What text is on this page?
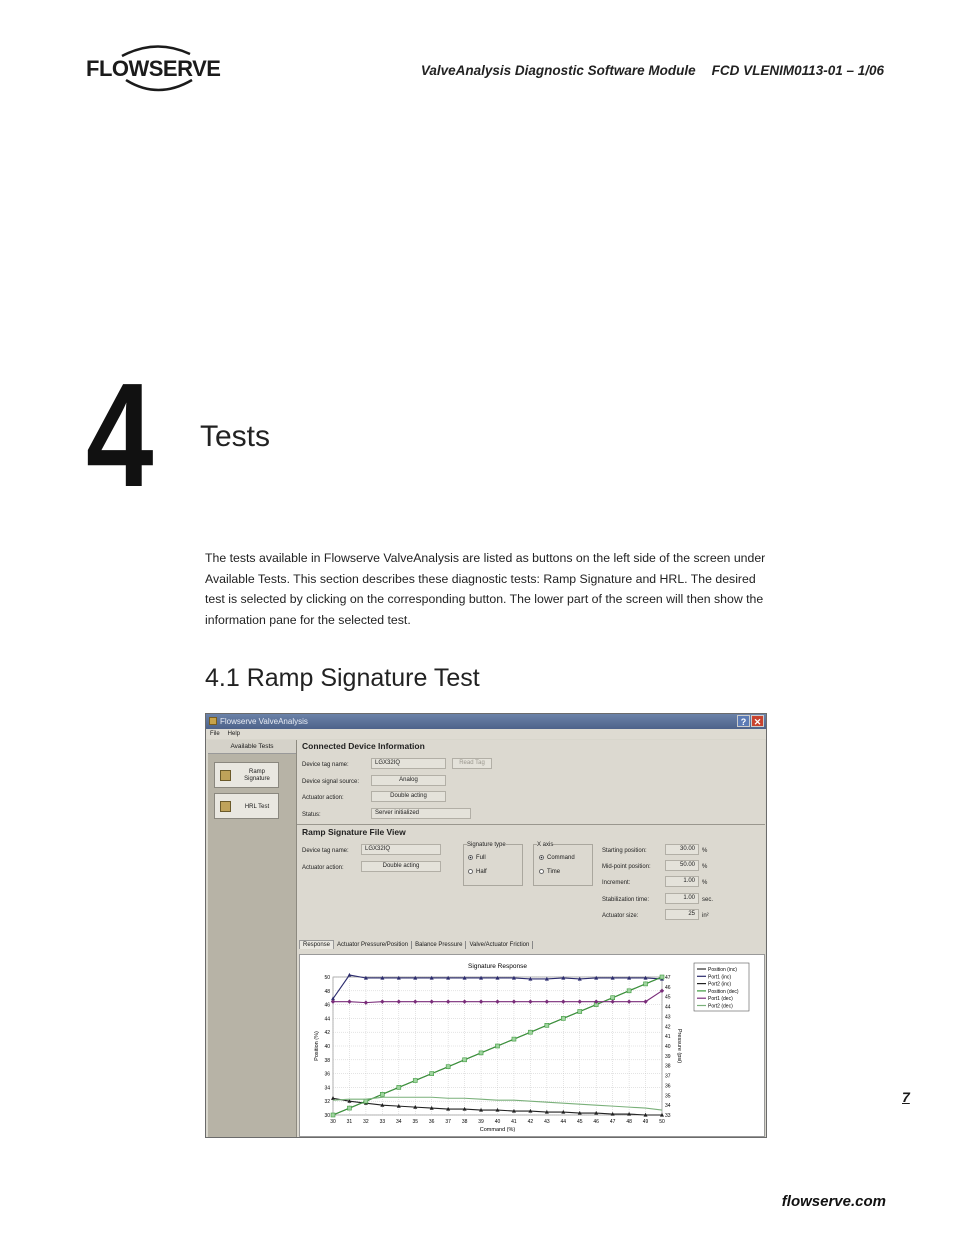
FLOWSERVE	ValveAnalysis Diagnostic Software Module FCD VLENIM0113-01 – 1/06
4 Tests
The tests available in Flowserve ValveAnalysis are listed as buttons on the left side of the screen under Available Tests. This section describes these diagnostic tests: Ramp Signature and HRL. The desired test is selected by clicking on the corresponding button. The lower part of the screen will then show the information pane for the selected test.
4.1 Ramp Signature Test
Flowserve ValveAnalysis	? ✕
File Help
Available Tests
Ramp Signature
HRL Test
Connected Device Information
Device tag name:	LGX32IQ	Read Tag
Device signal source:	Analog
Actuator action:	Double acting
Status:	Server initialized
Ramp Signature File View
Device tag name:	LGX32IQ
Actuator action:	Double acting
Signature type
Full
Half
X axis
Command
Time
Starting position:	30.00	%
Mid-point position:	50.00	%
Increment:	1.00	%
Stabilization time:	1.00	sec.
Actuator size:	25	in²
Response Actuator Pressure/Position Balance Pressure Valve/Actuator Friction
Signature Response
30 31 32 33 34 35 36 37 38 39 40 41 42 43 44 45 46 47 48 49 50
30
32
34
36
38
40
42
44
46
48
50
33
34
35
36
37
38
39
40
41
42
43
44
45
46
47
Command (%)
Position (%)	Pressure (psi)
Position (inc)
Port1 (inc)
Port2 (inc)
Position (dec)
Port1 (dec)
Port2 (dec)
7
flowserve.com
